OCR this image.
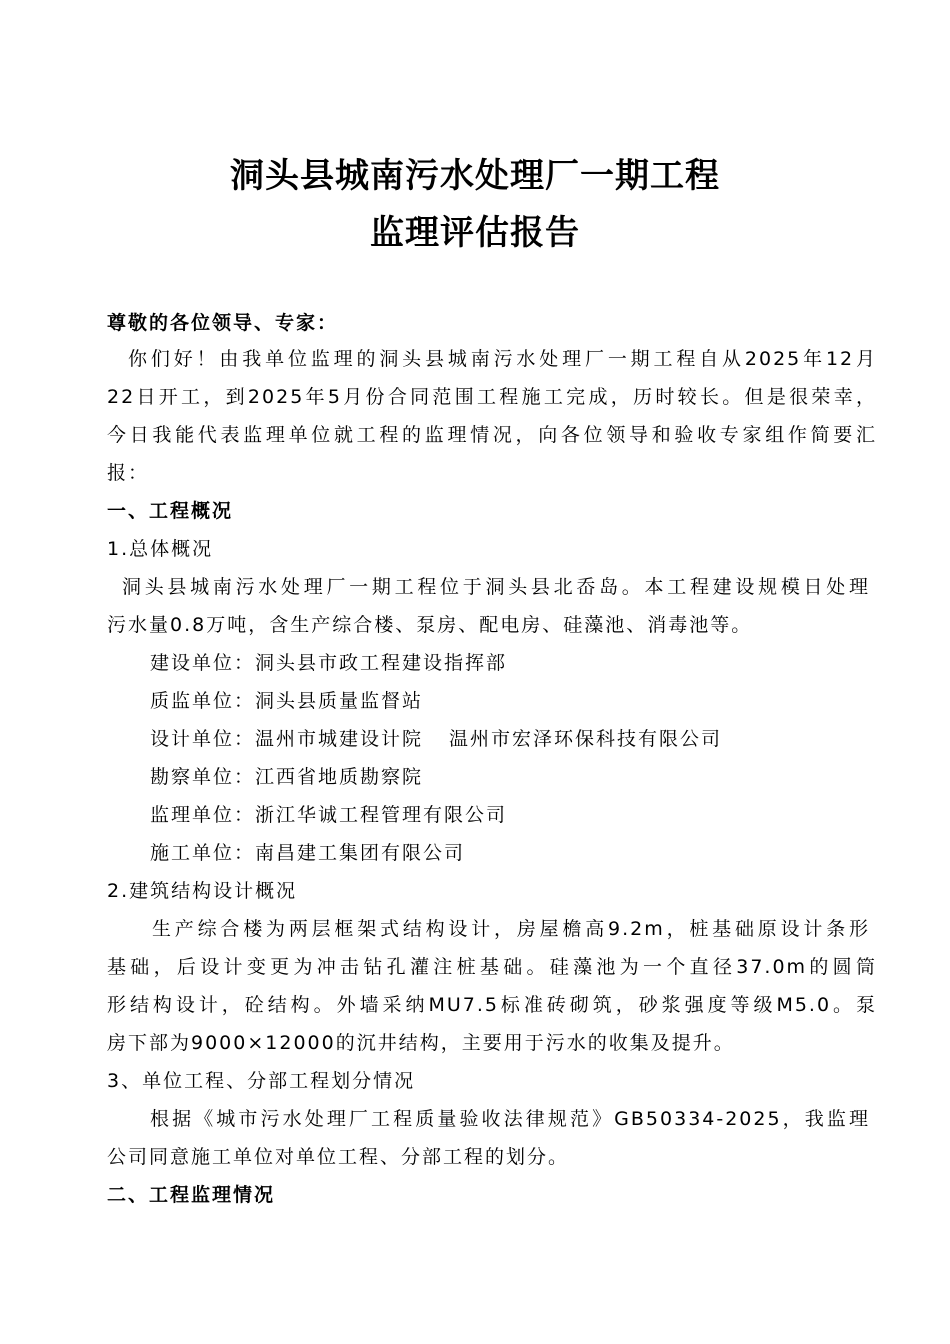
洞头县城南污水处理厂一期工程
监理评估报告
尊敬的各位领导、专家：
你们好！由我单位监理的洞头县城南污水处理厂一期工程自从2025年12月
22日开工，到2025年5月份合同范围工程施工完成，历时较长。但是很荣幸，
今日我能代表监理单位就工程的监理情况，向各位领导和验收专家组作简要汇
报：
一、工程概况
1.总体概况
洞头县城南污水处理厂一期工程位于洞头县北岙岛。本工程建设规模日处理
污水量0.8万吨，含生产综合楼、泵房、配电房、硅藻池、消毒池等。
建设单位：洞头县市政工程建设指挥部
质监单位：洞头县质量监督站
设计单位：温州市城建设计院 温州市宏泽环保科技有限公司
勘察单位：江西省地质勘察院
监理单位：浙江华诚工程管理有限公司
施工单位：南昌建工集团有限公司
2.建筑结构设计概况
生产综合楼为两层框架式结构设计，房屋檐高9.2m，桩基础原设计条形
基础，后设计变更为冲击钻孔灌注桩基础。硅藻池为一个直径37.0m的圆筒
形结构设计，砼结构。外墙采纳MU7.5标准砖砌筑，砂浆强度等级M5.0。泵
房下部为9000×12000的沉井结构，主要用于污水的收集及提升。
3、单位工程、分部工程划分情况
根据《城市污水处理厂工程质量验收法律规范》GB50334-2025，我监理
公司同意施工单位对单位工程、分部工程的划分。
二、工程监理情况
